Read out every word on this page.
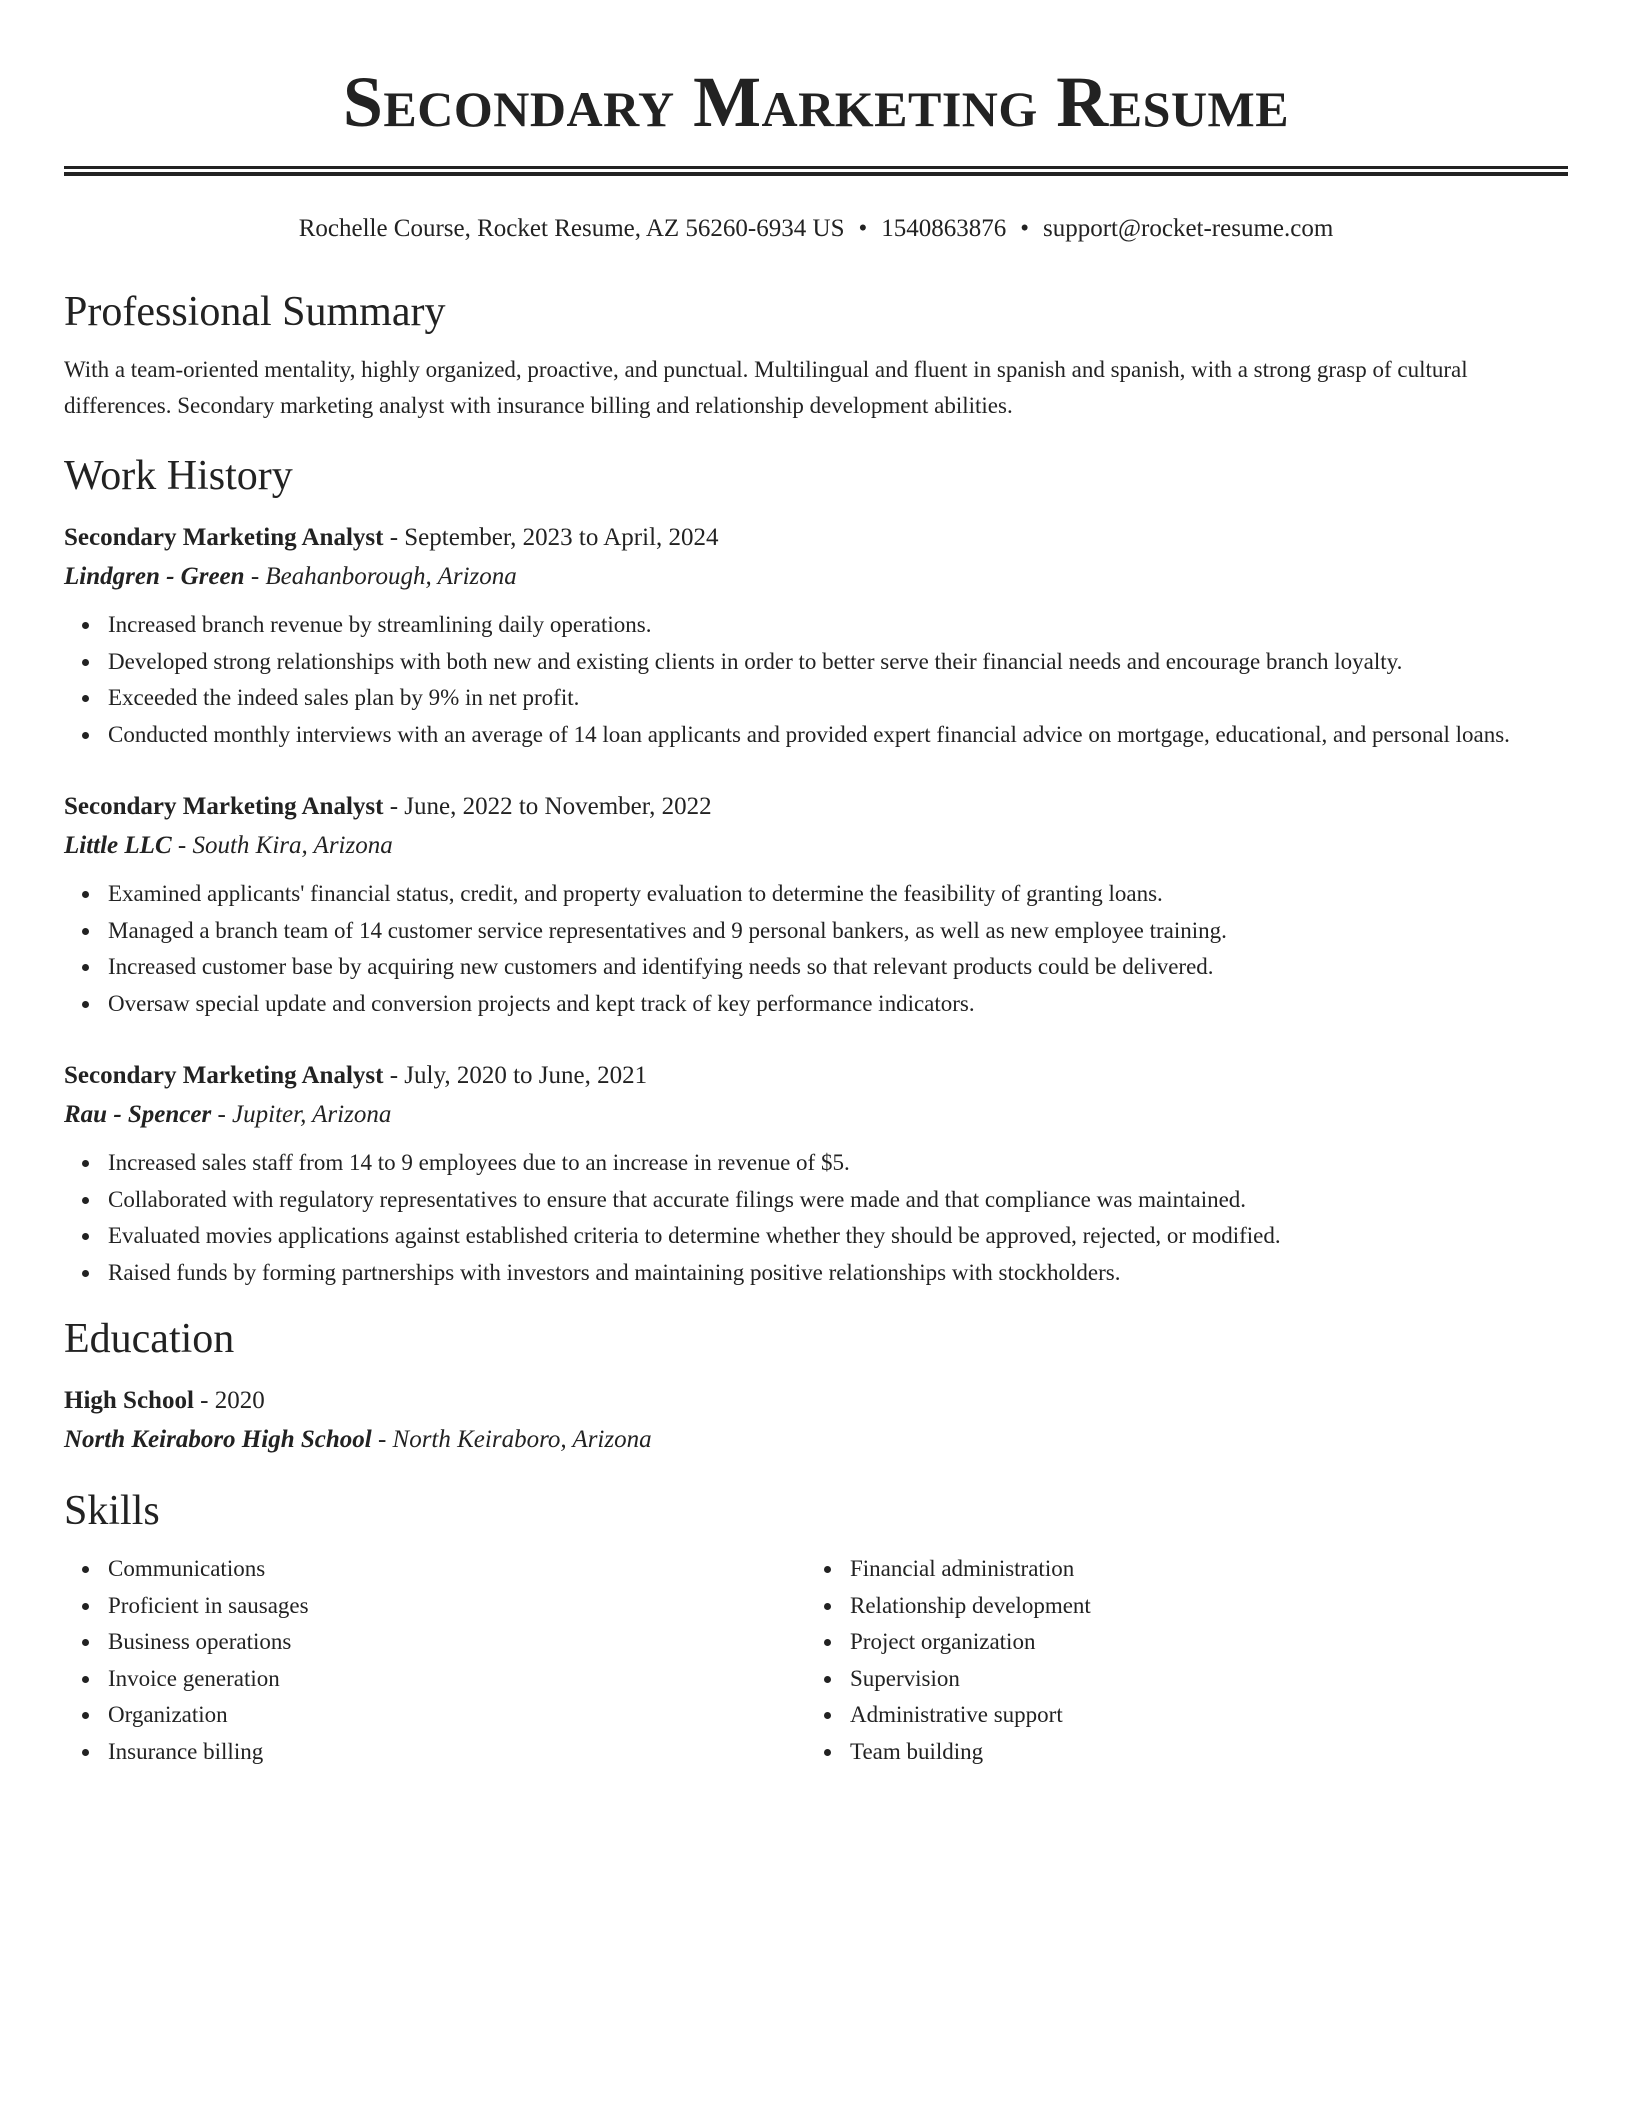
Secondary Marketing Resume
Rochelle Course, Rocket Resume, AZ 56260-6934 US • 1540863876 • support@rocket-resume.com
Professional Summary
With a team-oriented mentality, highly organized, proactive, and punctual. Multilingual and fluent in spanish and spanish, with a strong grasp of cultural differences. Secondary marketing analyst with insurance billing and relationship development abilities.
Work History
Secondary Marketing Analyst - September, 2023 to April, 2024
Lindgren - Green - Beahanborough, Arizona
Increased branch revenue by streamlining daily operations.
Developed strong relationships with both new and existing clients in order to better serve their financial needs and encourage branch loyalty.
Exceeded the indeed sales plan by 9% in net profit.
Conducted monthly interviews with an average of 14 loan applicants and provided expert financial advice on mortgage, educational, and personal loans.
Secondary Marketing Analyst - June, 2022 to November, 2022
Little LLC - South Kira, Arizona
Examined applicants' financial status, credit, and property evaluation to determine the feasibility of granting loans.
Managed a branch team of 14 customer service representatives and 9 personal bankers, as well as new employee training.
Increased customer base by acquiring new customers and identifying needs so that relevant products could be delivered.
Oversaw special update and conversion projects and kept track of key performance indicators.
Secondary Marketing Analyst - July, 2020 to June, 2021
Rau - Spencer - Jupiter, Arizona
Increased sales staff from 14 to 9 employees due to an increase in revenue of $5.
Collaborated with regulatory representatives to ensure that accurate filings were made and that compliance was maintained.
Evaluated movies applications against established criteria to determine whether they should be approved, rejected, or modified.
Raised funds by forming partnerships with investors and maintaining positive relationships with stockholders.
Education
High School - 2020
North Keiraboro High School - North Keiraboro, Arizona
Skills
Communications
Proficient in sausages
Business operations
Invoice generation
Organization
Insurance billing
Financial administration
Relationship development
Project organization
Supervision
Administrative support
Team building
